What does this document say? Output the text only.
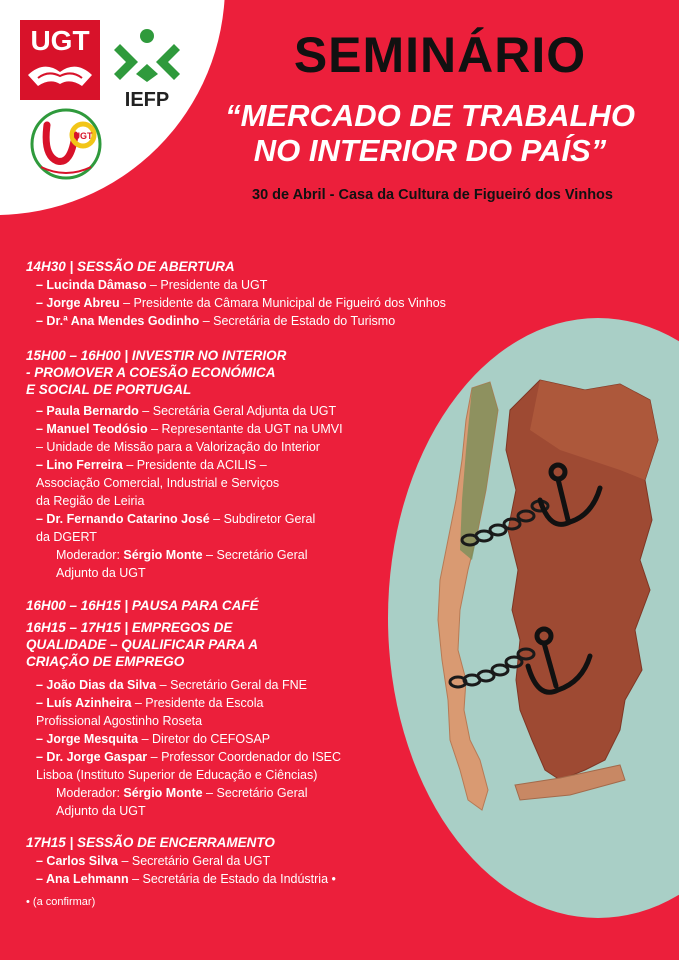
UGT
IEFP
UGT
SEMINÁRIO
“MERCADO DE TRABALHO
NO INTERIOR DO PAÍS”
30 de Abril - Casa da Cultura de Figueiró dos Vinhos
14H30 | SESSÃO DE ABERTURA
– Lucinda Dâmaso – Presidente da UGT
– Jorge Abreu – Presidente da Câmara Municipal de Figueiró dos Vinhos
– Dr.ª Ana Mendes Godinho – Secretária de Estado do Turismo
15H00 – 16H00 | INVESTIR NO INTERIOR
- PROMOVER A COESÃO ECONÓMICA
E SOCIAL DE PORTUGAL
– Paula Bernardo – Secretária Geral Adjunta da UGT
– Manuel Teodósio – Representante da UGT na UMVI
– Unidade de Missão para a Valorização do Interior
– Lino Ferreira – Presidente da ACILIS –
Associação Comercial, Industrial e Serviços
da Região de Leiria
– Dr. Fernando Catarino José – Subdiretor Geral
da DGERT
Moderador: Sérgio Monte – Secretário Geral
Adjunto da UGT
16H00 – 16H15 | PAUSA PARA CAFÉ
16H15 – 17H15 | EMPREGOS DE
QUALIDADE – QUALIFICAR PARA A
CRIAÇÃO DE EMPREGO
– João Dias da Silva – Secretário Geral da FNE
– Luís Azinheira – Presidente da Escola
Profissional Agostinho Roseta
– Jorge Mesquita – Diretor do CEFOSAP
– Dr. Jorge Gaspar – Professor Coordenador do ISEC
Lisboa (Instituto Superior de Educação e Ciências)
Moderador: Sérgio Monte – Secretário Geral
Adjunto da UGT
17H15 | SESSÃO DE ENCERRAMENTO
– Carlos Silva – Secretário Geral da UGT
– Ana Lehmann – Secretária de Estado da Indústria •
• (a confirmar)
